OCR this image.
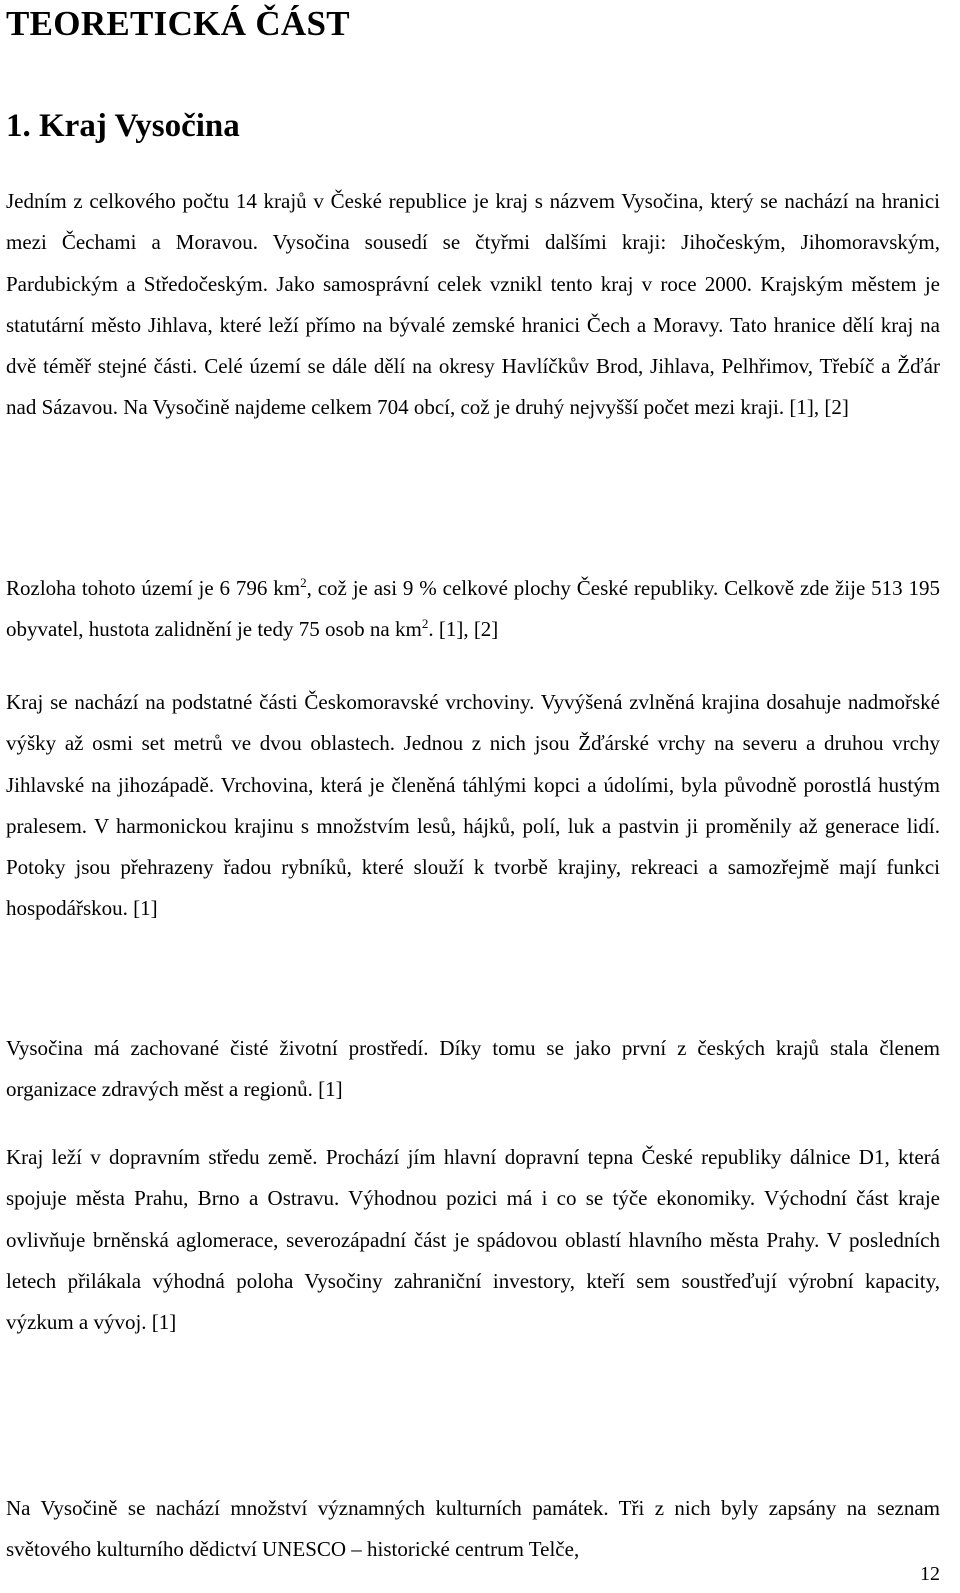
TEORETICKÁ ČÁST
1. Kraj Vysočina

Jedním z celkového počtu 14 krajů v České republice je kraj s názvem Vysočina, který se nachází na hranici mezi Čechami a Moravou. Vysočina sousedí se čtyřmi dalšími kraji: Jihočeským, Jihomoravským, Pardubickým a Středočeským. Jako samosprávní celek vznikl tento kraj v roce 2000. Krajským městem je statutární město Jihlava, které leží přímo na bývalé zemské hranici Čech a Moravy. Tato hranice dělí kraj na dvě téměř stejné části. Celé území se dále dělí na okresy Havlíčkův Brod, Jihlava, Pelhřimov, Třebíč a Žďár nad Sázavou. Na Vysočině najdeme celkem 704 obcí, což je druhý nejvyšší počet mezi kraji. [1], [2]

Rozloha tohoto území je 6 796 $km^2$, což je asi 9 % celkové plochy České republiky. Celkově zde žije 513 195 obyvatel, hustota zalidnění je tedy 75 osob na $km^2$. [1], [2]

Kraj se nachází na podstatné části Českomoravské vrchoviny. Vyvýšená zvlněná krajina dosahuje nadmořské výšky až osmi set metrů ve dvou oblastech. Jednou z nich jsou Žďárské vrchy na severu a druhou vrchy Jihlavské na jihozápadě. Vrchovina, která je členěná táhlými kopci a údolími, byla původně porostlá hustým pralesem. V harmonickou krajinu s množstvím lesů, hájků, polí, luk a pastvin ji proměnily až generace lidí. Potoky jsou přehrazeny řadou rybníků, které slouží k tvorbě krajiny, rekreaci a samozřejmě mají funkci hospodářskou. [1]

Vysočina má zachované čisté životní prostředí. Díky tomu se jako první z českých krajů stala členem organizace zdravých měst a regionů. [1]

Kraj leží v dopravním středu země. Prochází jím hlavní dopravní tepna České republiky dálnice D1, která spojuje města Prahu, Brno a Ostravu. Výhodnou pozici má i co se týče ekonomiky. Východní část kraje ovlivňuje brněnská aglomerace, severozápadní část je spádovou oblastí hlavního města Prahy. V posledních letech přilákala výhodná poloha Vysočiny zahraniční investory, kteří sem soustřeďují výrobní kapacity, výzkum a vývoj. [1]

Na Vysočině se nachází množství významných kulturních památek. Tři z nich byly zapsány na seznam světového kulturního dědictví UNESCO – historické centrum Telče,

12
